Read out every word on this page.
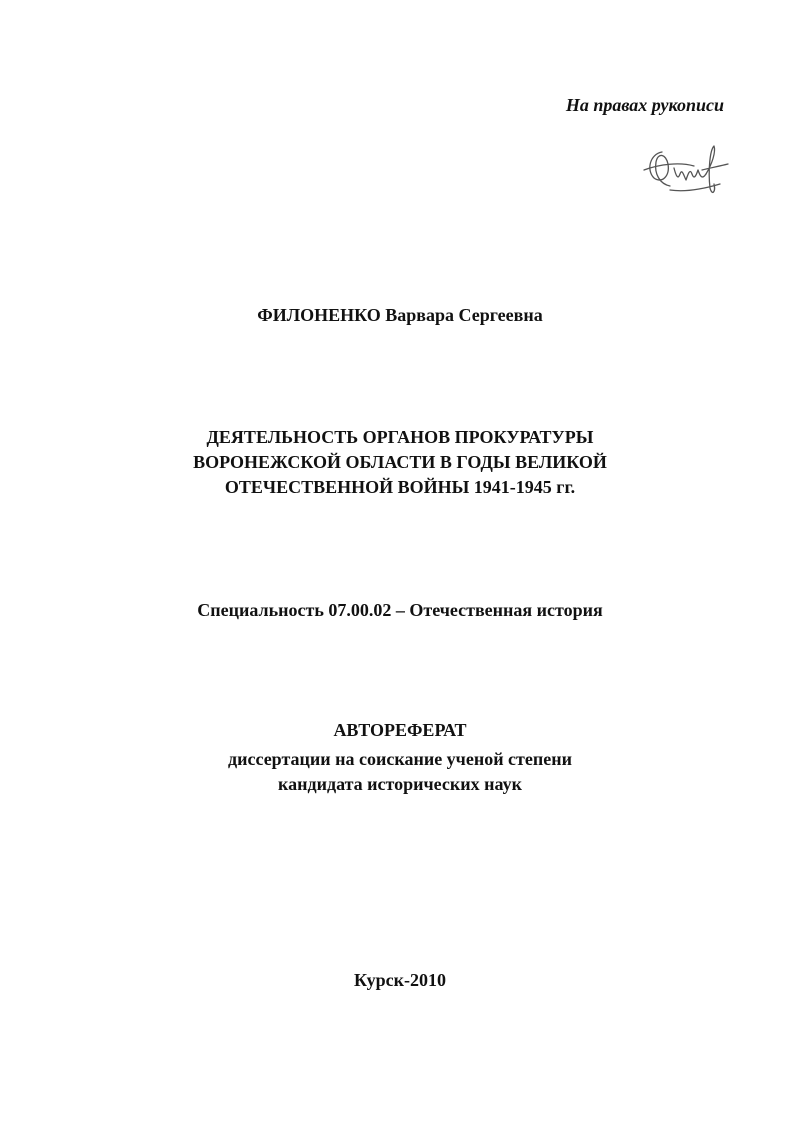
На правах рукописи
ФИЛОНЕНКО Варвара Сергеевна
ДЕЯТЕЛЬНОСТЬ ОРГАНОВ ПРОКУРАТУРЫ
ВОРОНЕЖСКОЙ ОБЛАСТИ В ГОДЫ ВЕЛИКОЙ
ОТЕЧЕСТВЕННОЙ ВОЙНЫ 1941-1945 гг.
Специальность 07.00.02 – Отечественная история
АВТОРЕФЕРАТ
диссертации на соискание ученой степени
кандидата исторических наук
Курск-2010
